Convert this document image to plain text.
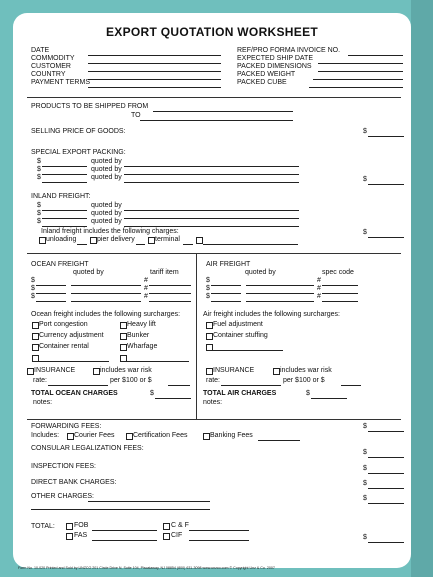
EXPORT QUOTATION WORKSHEET
DATE
COMMODITY
CUSTOMER
COUNTRY
PAYMENT TERMS
REF/PRO FORMA INVOICE NO.
EXPECTED SHIP DATE
PACKED DIMENSIONS
PACKED WEIGHT
PACKED CUBE
PRODUCTS TO BE SHIPPED FROM
TO
SELLING PRICE OF GOODS:	$
SPECIAL EXPORT PACKING:
$	quoted by
$	quoted by
$	quoted by	$
INLAND FREIGHT:
$	quoted by
$	quoted by
$	quoted by
Inland freight includes the following charges:
unloading	pier delivery	terminal
$
OCEAN FREIGHT
quoted by	tariff item
$	#
$	#
$	#
Ocean freight includes the following surcharges:
Port congestion	Heavy lift
Currency adjustment	Bunker
Container rental	Wharfage
INSURANCE	includes war risk
rate:	per $100 or $
TOTAL OCEAN CHARGES	$
notes:
AIR FREIGHT
quoted by	spec code
$	#
$	#
$	#
Air freight includes the following surcharges:
Fuel adjustment
Container stuffing
INSURANCE	includes war risk
rate:	per $100 or $
TOTAL AIR CHARGES	$
notes:
FORWARDING FEES:	$
Includes: Courier Fees	Certification Fees	Banking Fees
CONSULAR LEGALIZATION FEES:
$
INSPECTION FEES:	$
DIRECT BANK CHARGES:	$
OTHER CHARGES:	$
TOTAL:	FOB	C & F
FAS	CIF	$
Form No. 10-020 Printed and Sold by UNZCO 201 Circle Drive N, Suite 104, Piscataway, NJ 08854 (800) 631-3098 www.unzco.com © Copyright Unz & Co. 2007
